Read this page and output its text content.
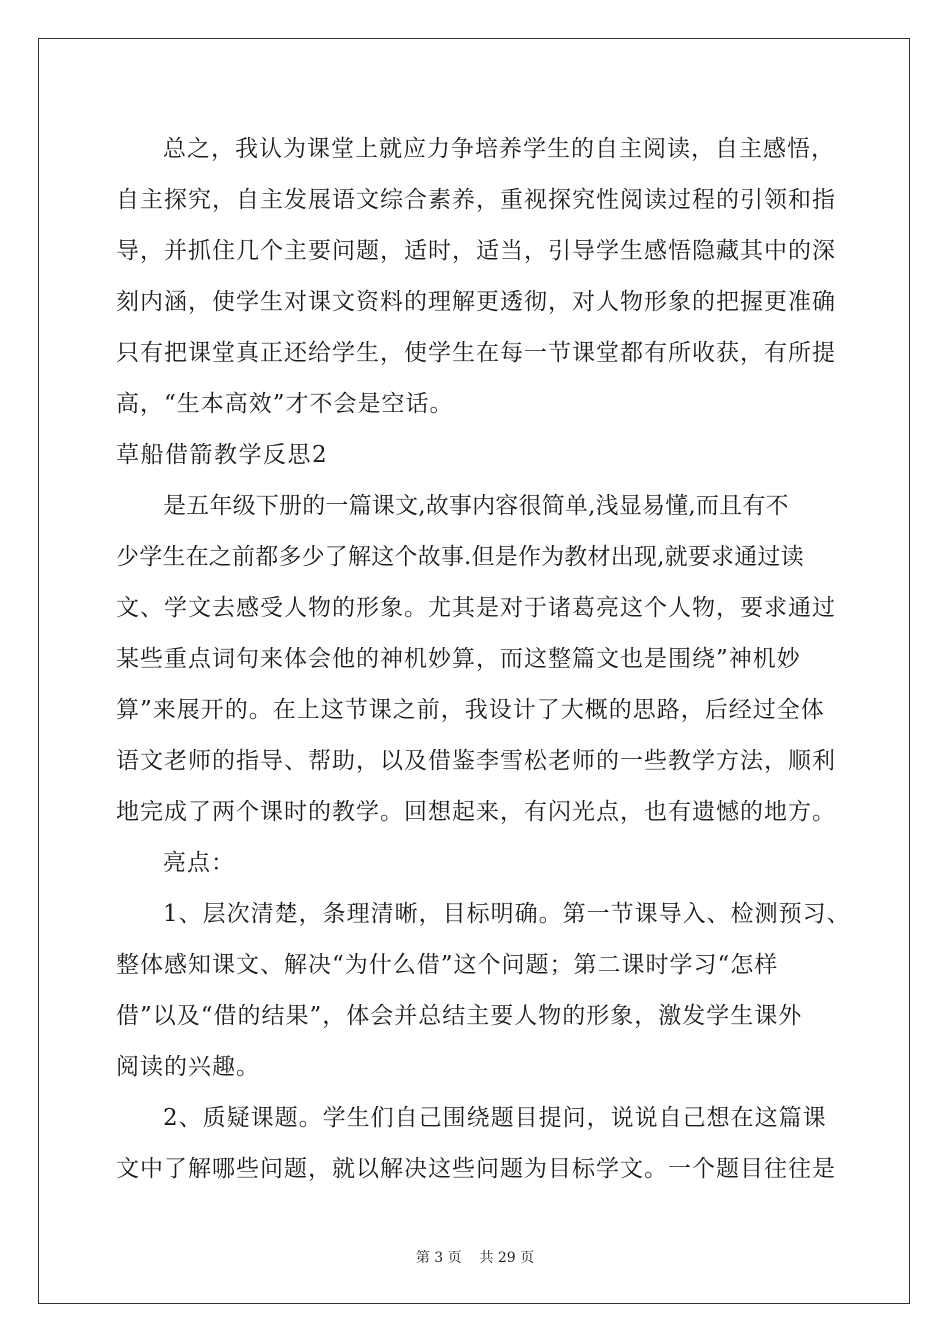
总之，我认为课堂上就应力争培养学生的自主阅读，自主感悟，
自主探究，自主发展语文综合素养，重视探究性阅读过程的引领和指
导，并抓住几个主要问题，适时，适当，引导学生感悟隐藏其中的深
刻内涵，使学生对课文资料的理解更透彻，对人物形象的把握更准确
只有把课堂真正还给学生，使学生在每一节课堂都有所收获，有所提
高，“生本高效”才不会是空话。
草船借箭教学反思2
是五年级下册的一篇课文,故事内容很简单,浅显易懂,而且有不
少学生在之前都多少了解这个故事.但是作为教材出现,就要求通过读
文、学文去感受人物的形象。尤其是对于诸葛亮这个人物，要求通过
某些重点词句来体会他的神机妙算，而这整篇文也是围绕”神机妙
算”来展开的。在上这节课之前，我设计了大概的思路，后经过全体
语文老师的指导、帮助，以及借鉴李雪松老师的一些教学方法，顺利
地完成了两个课时的教学。回想起来，有闪光点，也有遗憾的地方。
亮点：
1、层次清楚，条理清晰，目标明确。第一节课导入、检测预习、
整体感知课文、解决“为什么借”这个问题；第二课时学习“怎样
借”以及“借的结果”，体会并总结主要人物的形象，激发学生课外
阅读的兴趣。
2、质疑课题。学生们自己围绕题目提问，说说自己想在这篇课
文中了解哪些问题，就以解决这些问题为目标学文。一个题目往往是
第 3 页    共 29 页
